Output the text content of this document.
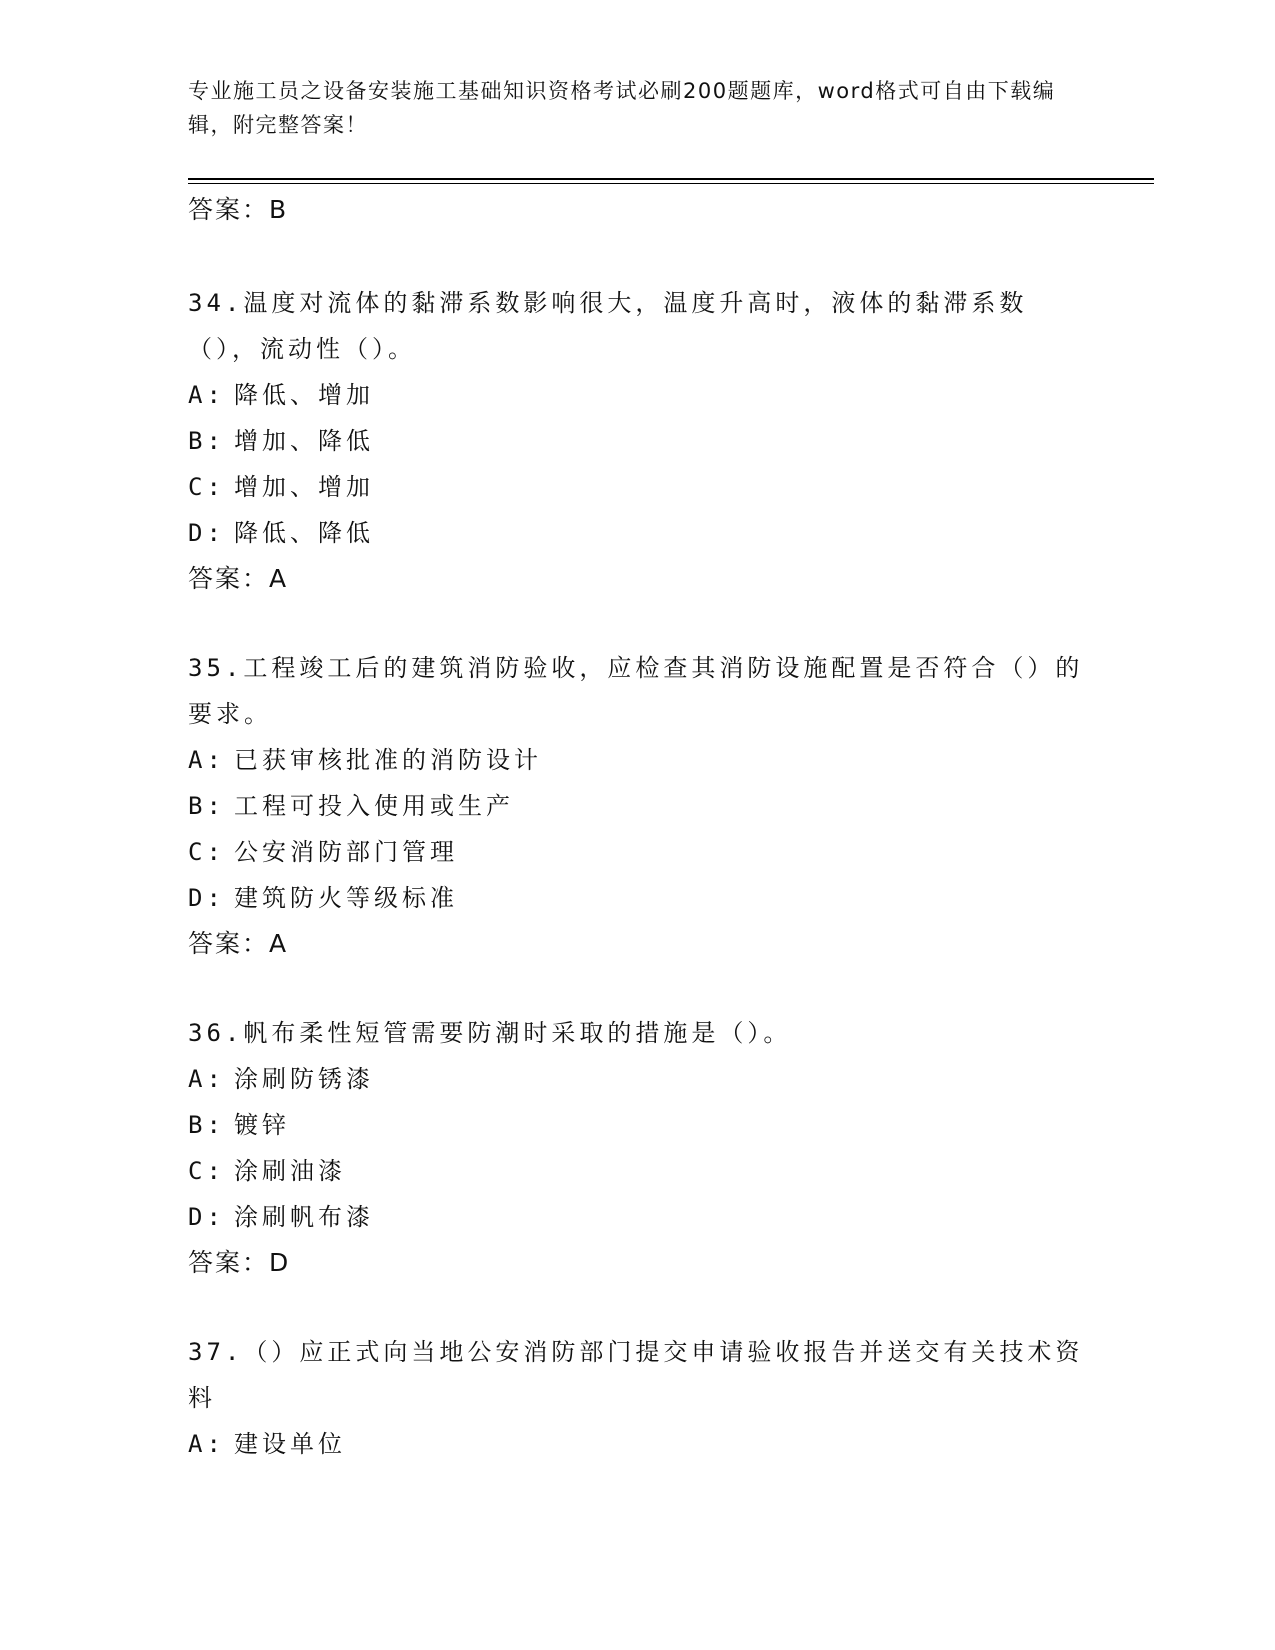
专业施工员之设备安装施工基础知识资格考试必刷200题题库，word格式可自由下载编辑，附完整答案！
答案：B

34.温度对流体的黏滞系数影响很大，温度升高时，液体的黏滞系数（），流动性（）。

A: 降低、增加
B: 增加、降低
C: 增加、增加
D: 降低、降低
答案：A

35.工程竣工后的建筑消防验收，应检查其消防设施配置是否符合（）的要求。

A: 已获审核批准的消防设计
B: 工程可投入使用或生产
C: 公安消防部门管理
D: 建筑防火等级标准
答案：A

36.帆布柔性短管需要防潮时采取的措施是（）。

A: 涂刷防锈漆
B: 镀锌
C: 涂刷油漆
D: 涂刷帆布漆
答案：D

37.（）应正式向当地公安消防部门提交申请验收报告并送交有关技术资料

A: 建设单位
